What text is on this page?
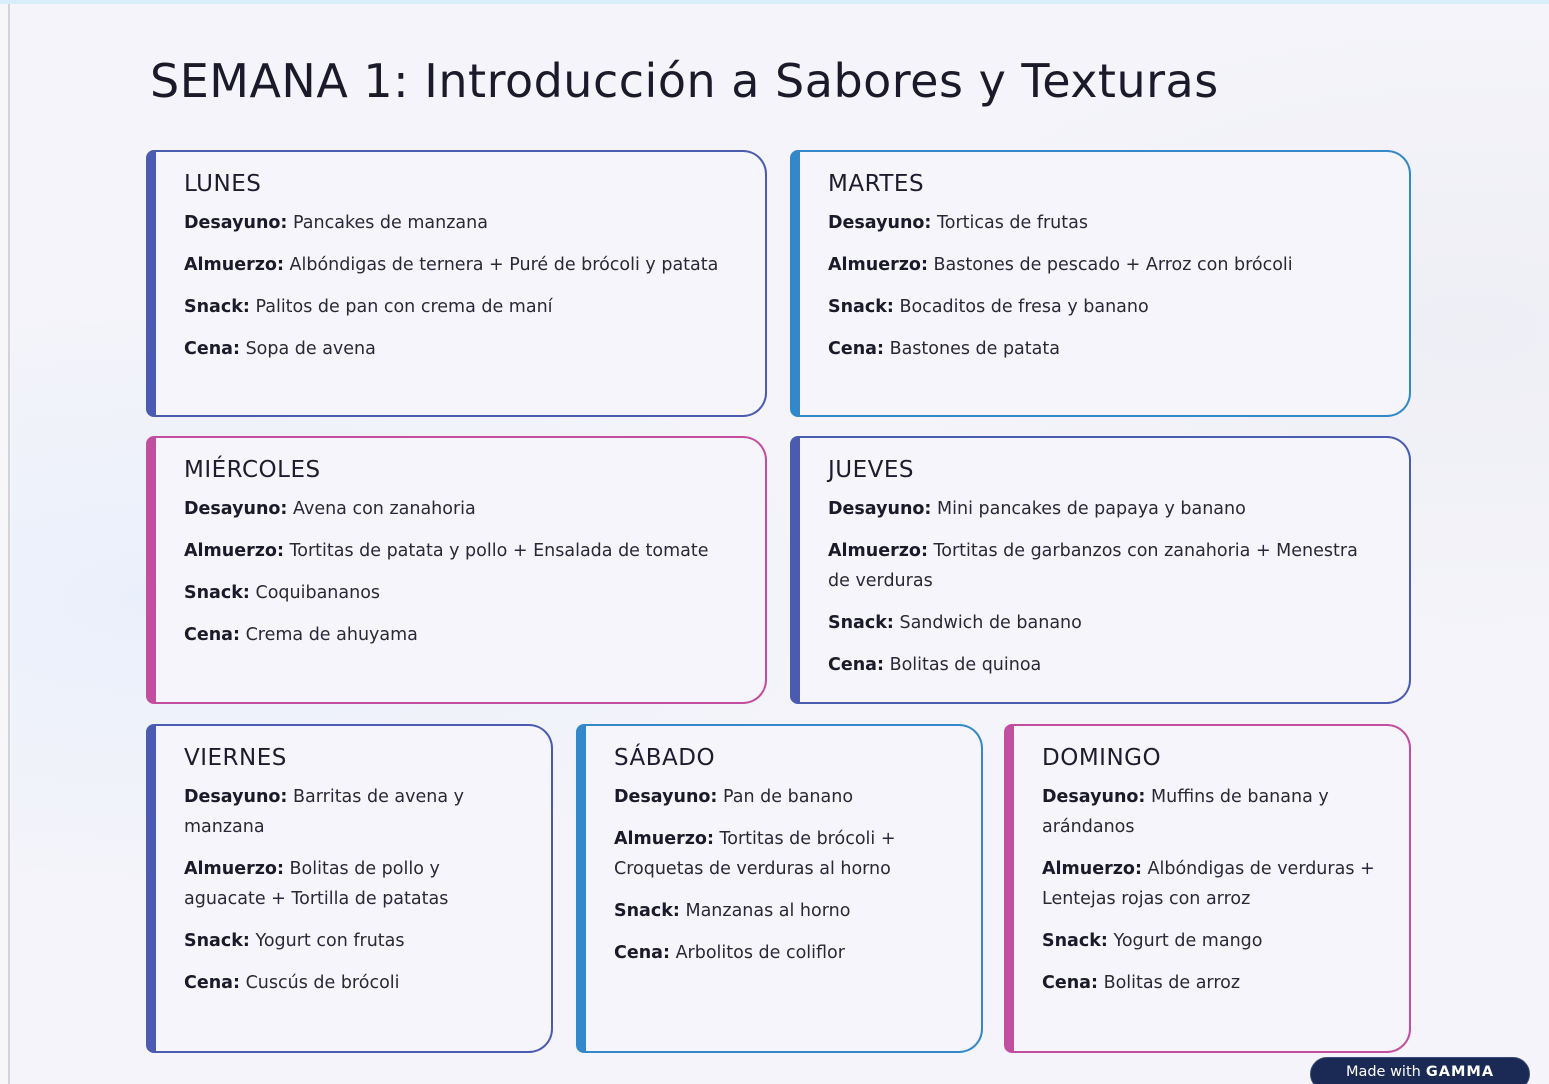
SEMANA 1: Introducción a Sabores y Texturas
LUNES
Desayuno: Pancakes de manzana
Almuerzo: Albóndigas de ternera + Puré de brócoli y patata
Snack: Palitos de pan con crema de maní
Cena: Sopa de avena
MARTES
Desayuno: Torticas de frutas
Almuerzo: Bastones de pescado + Arroz con brócoli
Snack: Bocaditos de fresa y banano
Cena: Bastones de patata
MIÉRCOLES
Desayuno: Avena con zanahoria
Almuerzo: Tortitas de patata y pollo + Ensalada de tomate
Snack: Coquibananos
Cena: Crema de ahuyama
JUEVES
Desayuno: Mini pancakes de papaya y banano
Almuerzo: Tortitas de garbanzos con zanahoria + Menestra de verduras
Snack: Sandwich de banano
Cena: Bolitas de quinoa
VIERNES
Desayuno: Barritas de avena y manzana
Almuerzo: Bolitas de pollo y aguacate + Tortilla de patatas
Snack: Yogurt con frutas
Cena: Cuscús de brócoli
SÁBADO
Desayuno: Pan de banano
Almuerzo: Tortitas de brócoli + Croquetas de verduras al horno
Snack: Manzanas al horno
Cena: Arbolitos de coliflor
DOMINGO
Desayuno: Muffins de banana y arándanos
Almuerzo: Albóndigas de verduras + Lentejas rojas con arroz
Snack: Yogurt de mango
Cena: Bolitas de arroz
Made with GAMMA
